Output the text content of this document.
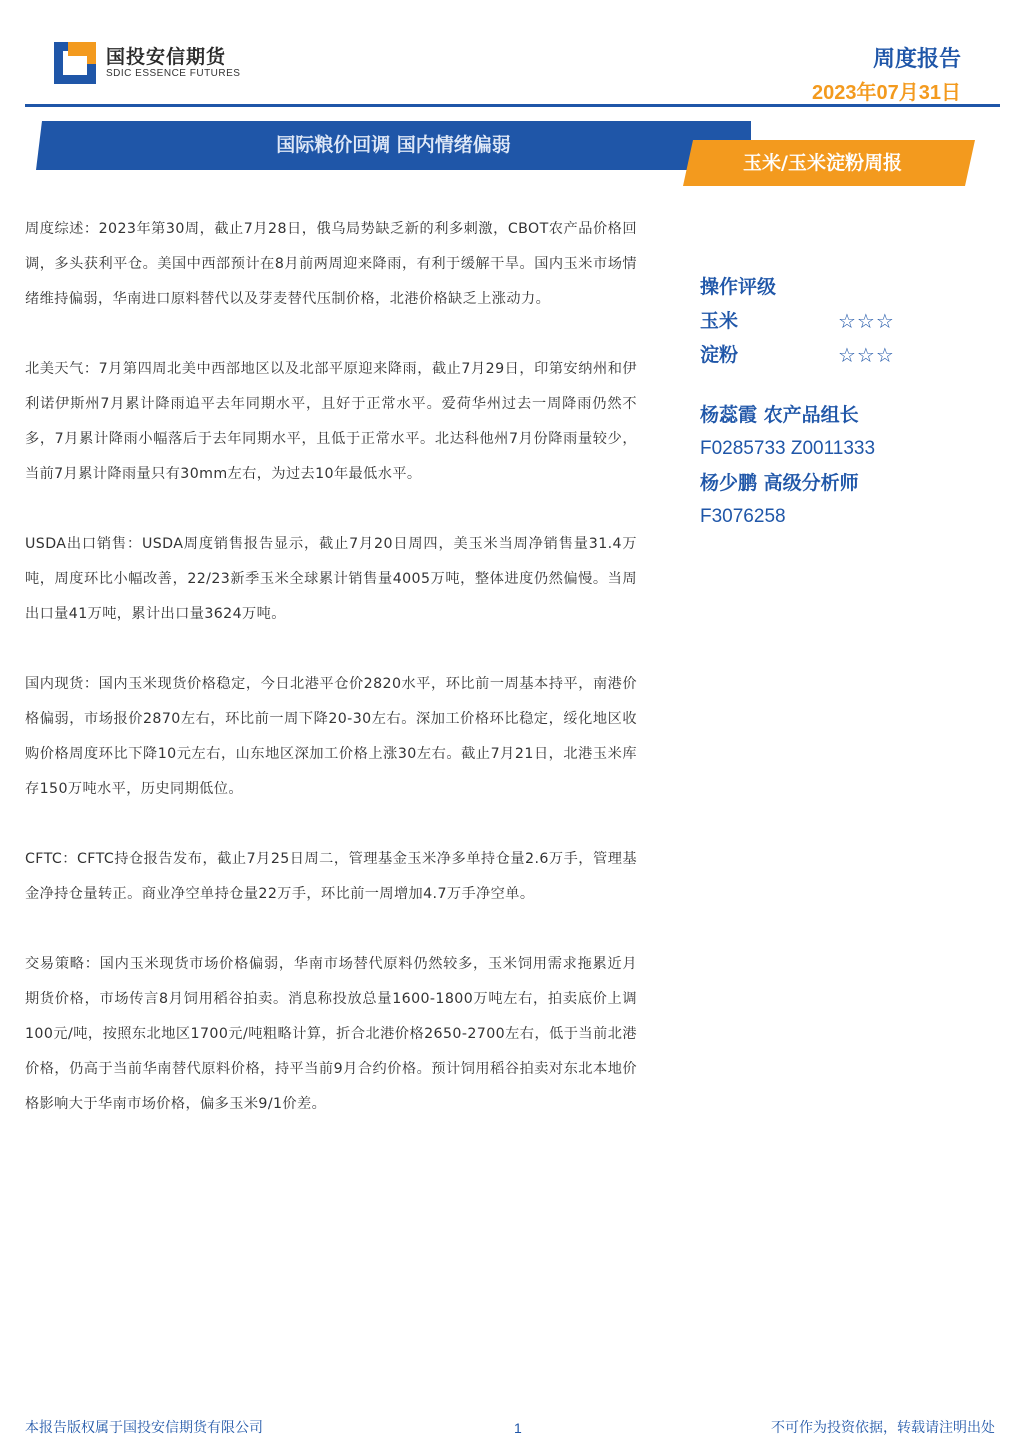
国投安信期货
SDIC ESSENCE FUTURES
周度报告
2023年07月31日
国际粮价回调 国内情绪偏弱
玉米/玉米淀粉周报

周度综述：2023年第30周，截止7月28日，俄乌局势缺乏新的利多刺激，CBOT农产品价格回调，多头获利平仓。美国中西部预计在8月前两周迎来降雨，有利于缓解干旱。国内玉米市场情绪维持偏弱，华南进口原料替代以及芽麦替代压制价格，北港价格缺乏上涨动力。

北美天气：7月第四周北美中西部地区以及北部平原迎来降雨，截止7月29日，印第安纳州和伊利诺伊斯州7月累计降雨追平去年同期水平，且好于正常水平。爱荷华州过去一周降雨仍然不多，7月累计降雨小幅落后于去年同期水平，且低于正常水平。北达科他州7月份降雨量较少，当前7月累计降雨量只有30mm左右，为过去10年最低水平。

USDA出口销售：USDA周度销售报告显示，截止7月20日周四，美玉米当周净销售量31.4万吨，周度环比小幅改善，22/23新季玉米全球累计销售量4005万吨，整体进度仍然偏慢。当周出口量41万吨，累计出口量3624万吨。

国内现货：国内玉米现货价格稳定，今日北港平仓价2820水平，环比前一周基本持平，南港价格偏弱，市场报价2870左右，环比前一周下降20-30左右。深加工价格环比稳定，绥化地区收购价格周度环比下降10元左右，山东地区深加工价格上涨30左右。截止7月21日，北港玉米库存150万吨水平，历史同期低位。

CFTC：CFTC持仓报告发布，截止7月25日周二，管理基金玉米净多单持仓量2.6万手，管理基金净持仓量转正。商业净空单持仓量22万手，环比前一周增加4.7万手净空单。

交易策略：国内玉米现货市场价格偏弱，华南市场替代原料仍然较多，玉米饲用需求拖累近月期货价格，市场传言8月饲用稻谷拍卖。消息称投放总量1600-1800万吨左右，拍卖底价上调100元/吨，按照东北地区1700元/吨粗略计算，折合北港价格2650-2700左右，低于当前北港价格，仍高于当前华南替代原料价格，持平当前9月合约价格。预计饲用稻谷拍卖对东北本地价格影响大于华南市场价格，偏多玉米9/1价差。

操作评级
玉米	☆☆☆
淀粉	☆☆☆
杨蕊霞 农产品组长
F0285733 Z0011333
杨少鹏 高级分析师
F3076258
本报告版权属于国投安信期货有限公司	1	不可作为投资依据，转载请注明出处
